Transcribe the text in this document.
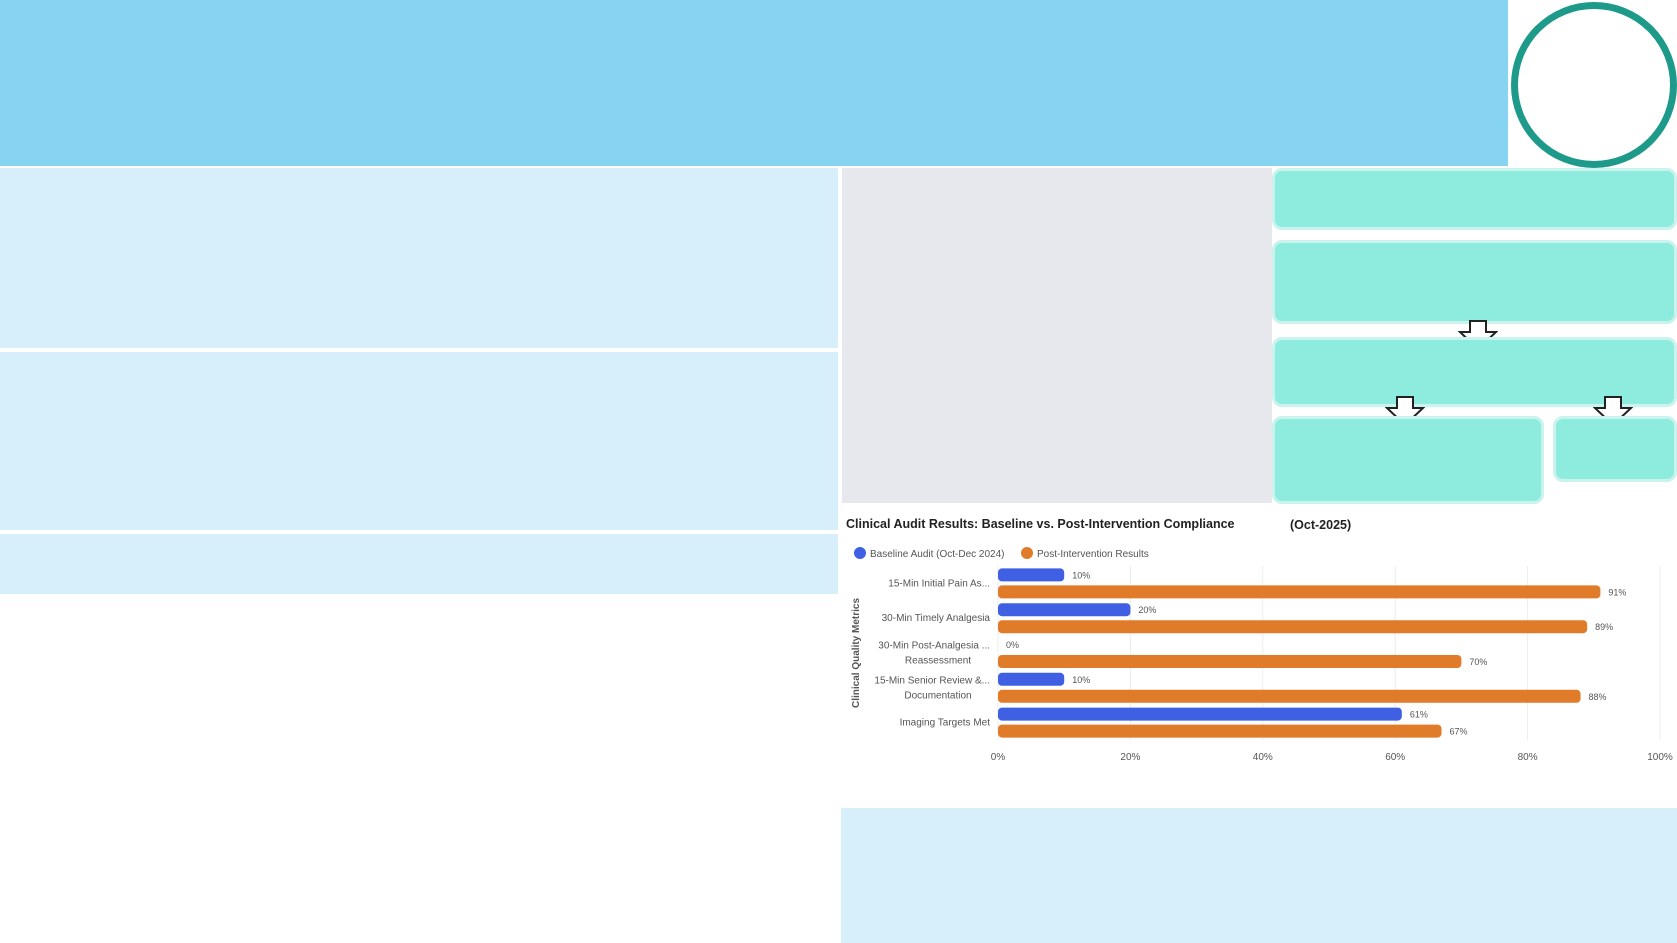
Clinical Audit Results: Baseline vs. Post-Intervention Compliance	(Oct-2025)
Baseline Audit (Oct-Dec 2024)	Post-Intervention Results
0%	20%	40%	60%	80%	100%
10%
91%
15-Min Initial Pain As...
20%
89%
30-Min Timely Analgesia
0%
70%
30-Min Post-Analgesia ...
Reassessment
10%
88%
15-Min Senior Review &...
Documentation
61%
67%
Imaging Targets Met
Clinical Quality Metrics
